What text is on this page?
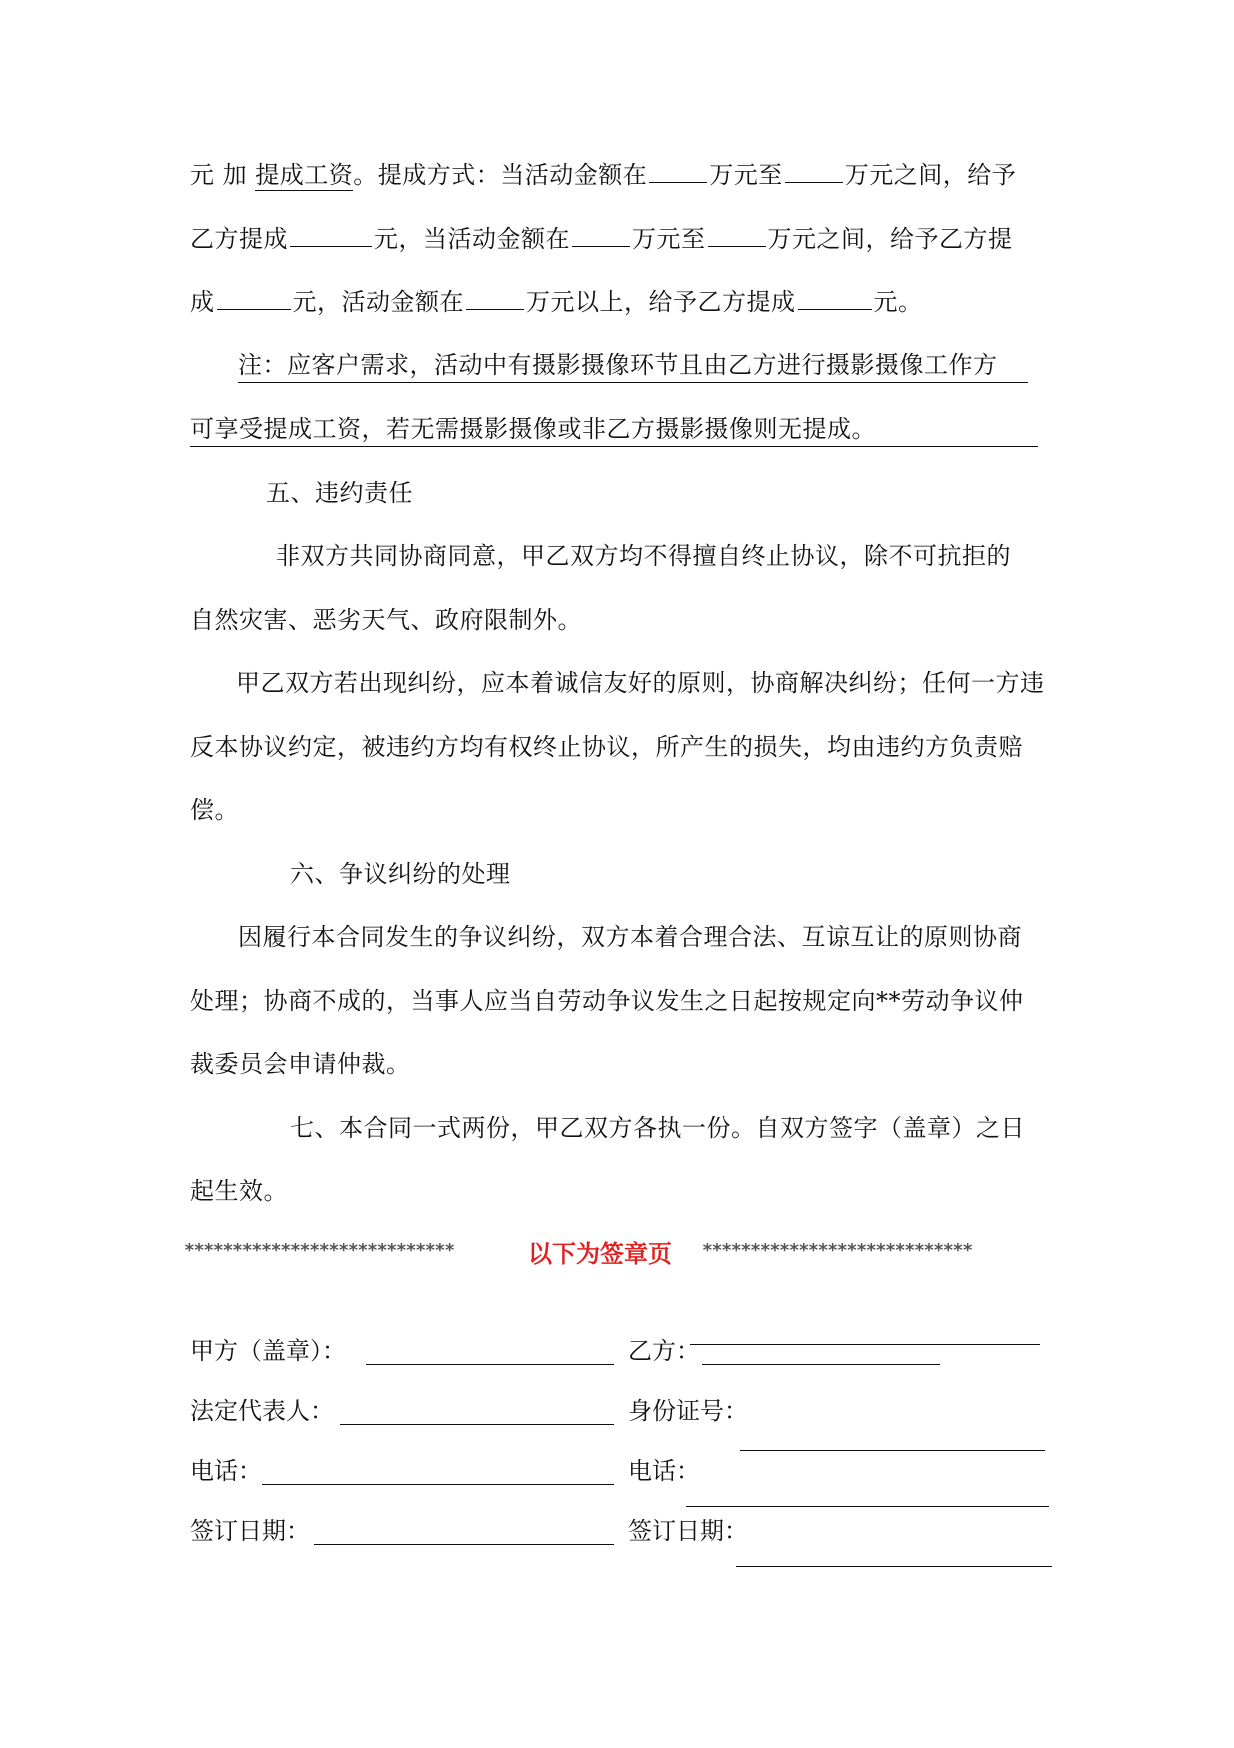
元 加 提成工资。提成方式：当活动金额在	万元至	万元之间，给予
乙方提成	元，当活动金额在	万元至	万元之间，给予乙方提
成	元，活动金额在	万元以上，给予乙方提成	元。
注：应客户需求，活动中有摄影摄像环节且由乙方进行摄影摄像工作方
可享受提成工资，若无需摄影摄像或非乙方摄影摄像则无提成。
五、违约责任
非双方共同协商同意，甲乙双方均不得擅自终止协议，除不可抗拒的
自然灾害、恶劣天气、政府限制外。
甲乙双方若出现纠纷，应本着诚信友好的原则，协商解决纠纷；任何一方违
反本协议约定，被违约方均有权终止协议，所产生的损失，均由违约方负责赔
偿。
六、争议纠纷的处理
因履行本合同发生的争议纠纷，双方本着合理合法、互谅互让的原则协商
处理；协商不成的，当事人应当自劳动争议发生之日起按规定向**劳动争议仲
裁委员会申请仲裁。
七、本合同一式两份，甲乙双方各执一份。自双方签字（盖章）之日
起生效。
****************************	以下为签章页 ****************************
甲方（盖章）：	乙方：
法定代表人：	身份证号：
电话：	电话：
签订日期：	签订日期：
